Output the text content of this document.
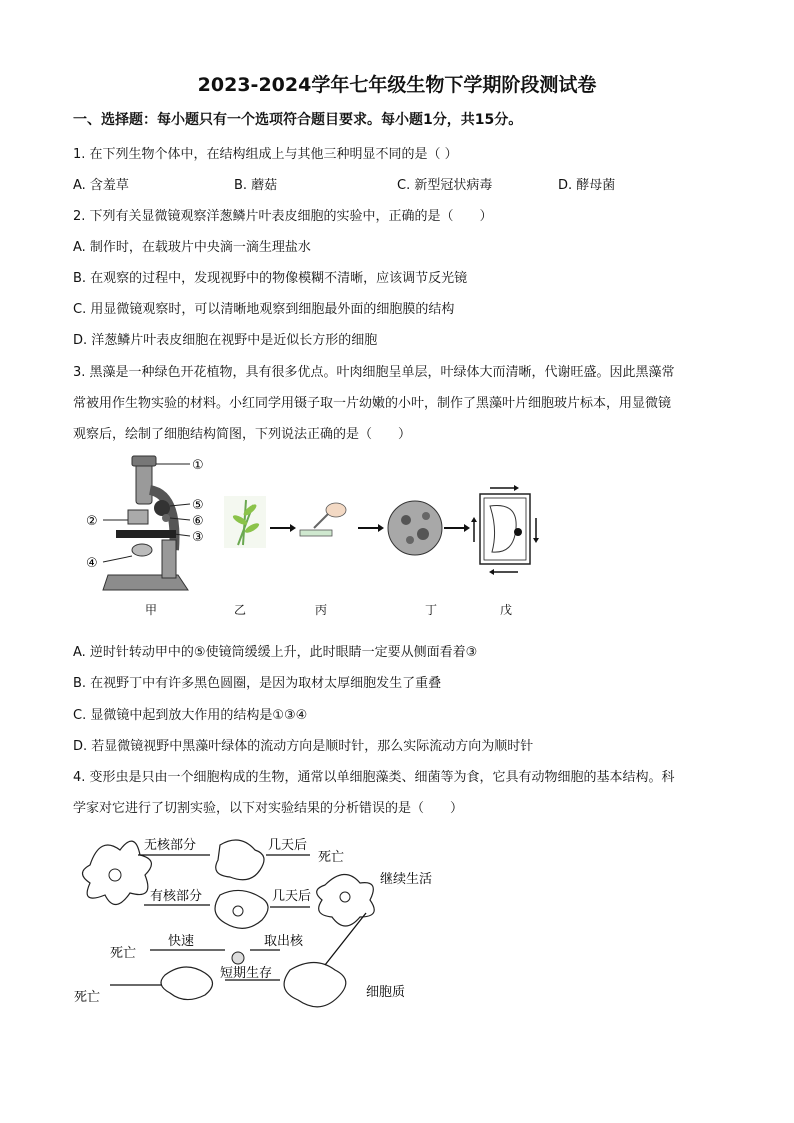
2023-2024学年七年级生物下学期阶段测试卷
一、选择题：每小题只有一个选项符合题目要求。每小题1分，共15分。
1. 在下列生物个体中，在结构组成上与其他三种明显不同的是（ ）
A. 含羞草	B. 蘑菇	C. 新型冠状病毒	D. 酵母菌
2. 下列有关显微镜观察洋葱鳞片叶表皮细胞的实验中，正确的是（　　）
A. 制作时，在载玻片中央滴一滴生理盐水
B. 在观察的过程中，发现视野中的物像模糊不清晰，应该调节反光镜
C. 用显微镜观察时，可以清晰地观察到细胞最外面的细胞膜的结构
D. 洋葱鳞片叶表皮细胞在视野中是近似长方形的细胞
3. 黑藻是一种绿色开花植物，具有很多优点。叶肉细胞呈单层，叶绿体大而清晰，代谢旺盛。因此黑藻常
常被用作生物实验的材料。小红同学用镊子取一片幼嫩的小叶，制作了黑藻叶片细胞玻片标本，用显微镜
观察后，绘制了细胞结构简图，下列说法正确的是（　　）
①
⑤
⑥
③
②
④
甲	乙	丙	丁	戊
A. 逆时针转动甲中的⑤使镜筒缓缓上升，此时眼睛一定要从侧面看着③
B. 在视野丁中有许多黑色圆圈，是因为取材太厚细胞发生了重叠
C. 显微镜中起到放大作用的结构是①③④
D. 若显微镜视野中黑藻叶绿体的流动方向是顺时针，那么实际流动方向为顺时针
4. 变形虫是只由一个细胞构成的生物，通常以单细胞藻类、细菌等为食，它具有动物细胞的基本结构。科
学家对它进行了切割实验，以下对实验结果的分析错误的是（　　）
无核部分	几天后
死亡
有核部分	几天后
继续生活
快速	取出核
死亡
短期生存
细胞质
死亡
